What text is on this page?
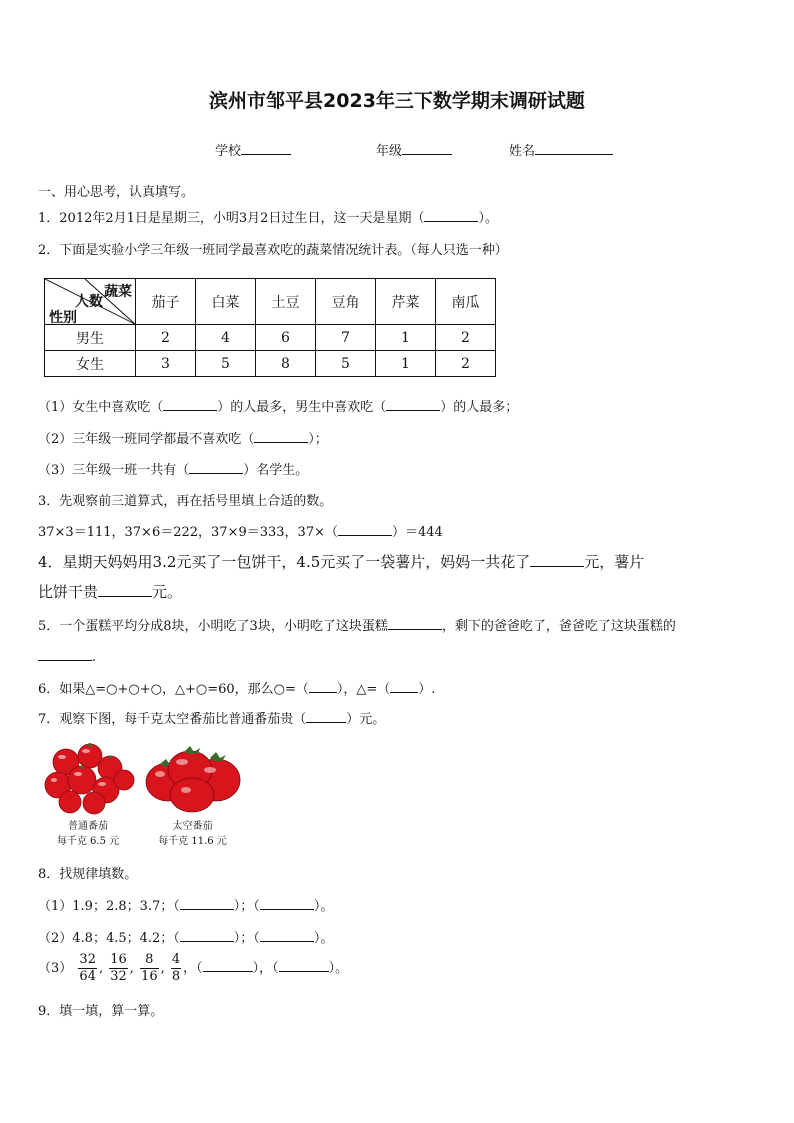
滨州市邹平县2023年三下数学期末调研试题
学校	年级	姓名
一、用心思考，认真填写。
1．2012年2月1日是星期三，小明3月2日过生日，这一天是星期（	）。
2．下面是实验小学三年级一班同学最喜欢吃的蔬菜情况统计表。（每人只选一种）
蔬菜
人数
性别	茄子	白菜	土豆	豆角	芹菜	南瓜
男生	2	4	6	7	1	2
女生	3	5	8	5	1	2
（1）女生中喜欢吃（	）的人最多，男生中喜欢吃（	）的人最多；
（2）三年级一班同学都最不喜欢吃（	）；
（3）三年级一班一共有（	）名学生。
3．先观察前三道算式，再在括号里填上合适的数。
37×3＝111，37×6＝222，37×9＝333，37×（	）＝444
4．星期天妈妈用3.2元买了一包饼干，4.5元买了一袋薯片，妈妈一共花了	元，薯片
比饼干贵	元。
5．一个蛋糕平均分成8块，小明吃了3块，小明吃了这块蛋糕	，剩下的爸爸吃了，爸爸吃了这块蛋糕的
.
6．如果△=○+○+○，△+○=60，那么○=（ ），△=（ ）.
7．观察下图，每千克太空番茄比普通番茄贵（	）元。
普通番茄
每千克 6.5 元
太空番茄
每千克 11.6 元
8．找规律填数。
（1）1.9；2.8；3.7；（	）；（	）。
（2）4.8；4.5；4.2；（	）；（	）。
$(3) \frac{32}{64}$ , $\frac{16}{32}$ , $\frac{8}{16}$ , $\frac{4}{8}$ ，（	），（	）。
9．填一填，算一算。
